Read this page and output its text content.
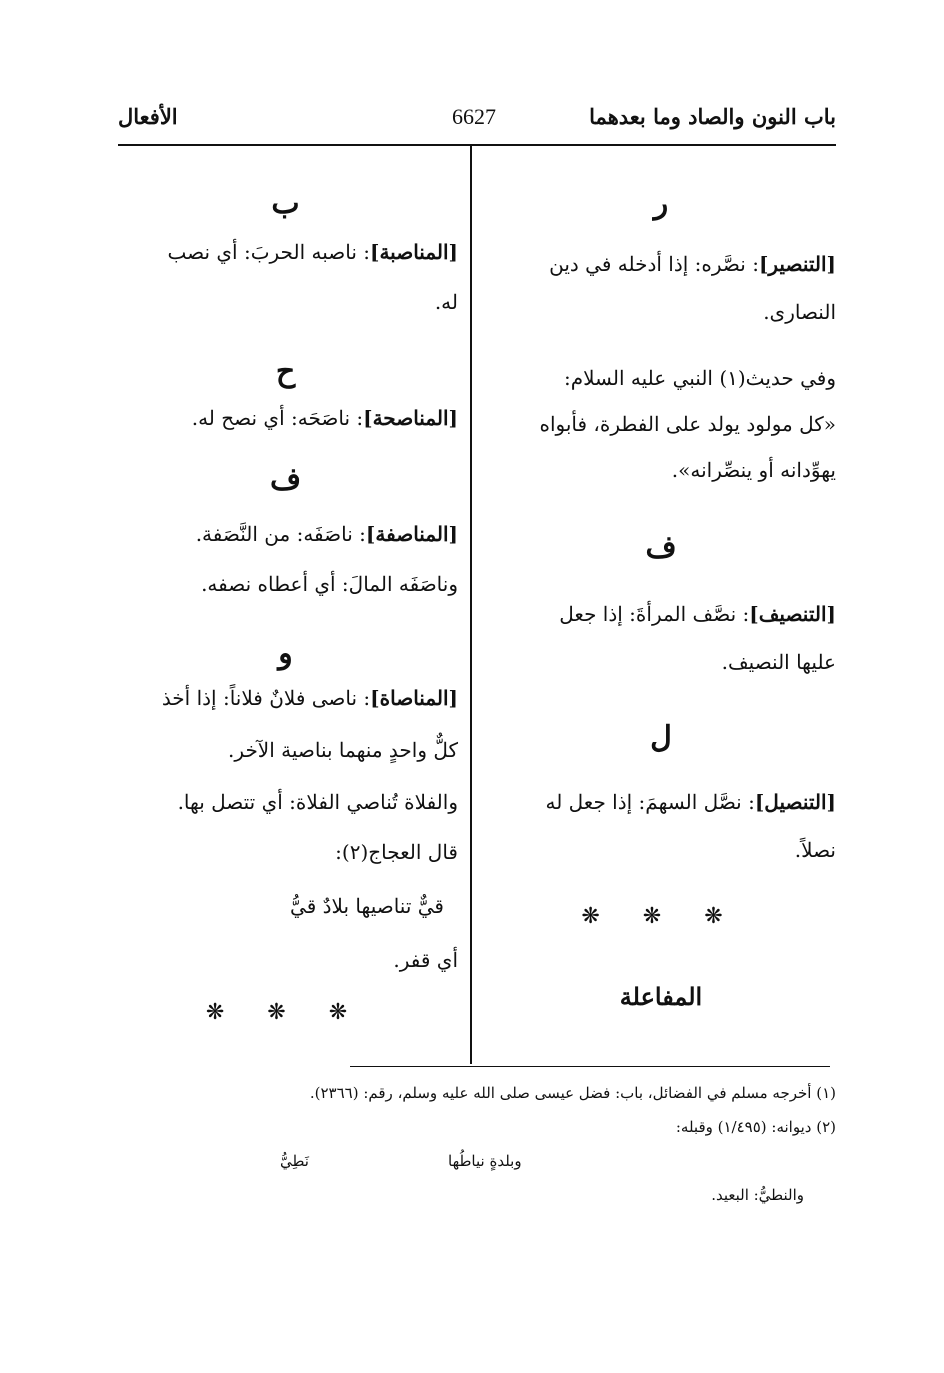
باب النون والصاد وما بعدهما
6627
الأفعال
ر
[التنصير]: نصَّره: إذا أدخله في دين
النصارى.
وفي حديث(١) النبي عليه السلام:
«كل مولود يولد على الفطرة، فأبواه
يهوِّدانه أو ينصِّرانه».
ف
[التنصيف]: نصَّف المرأةَ: إذا جعل
عليها النصيف.
ل
[التنصيل]: نصَّل السهمَ: إذا جعل له
نصلاً.
❋ ❋ ❋
المفاعلة
ب
[المناصبة]: ناصبه الحربَ: أي نصب
له.
ح
[المناصحة]: ناصَحَه: أي نصح له.
ف
[المناصفة]: ناصَفَه: من النَّصَفة.
وناصَفَه المالَ: أي أعطاه نصفه.
و
[المناصاة]: ناصى فلانٌ فلاناً: إذا أخذ
كلٌّ واحدٍ منهما بناصية الآخر.
والفلاة تُناصي الفلاة: أي تتصل بها.
قال العجاج(٢):
قيٌّ تناصيها بلادٌ قيُّ
أي قفر.
❋ ❋ ❋
(١) أخرجه مسلم في الفضائل، باب: فضل عيسى صلى الله عليه وسلم، رقم: (٢٣٦٦).
(٢) ديوانه: (١/٤٩٥) وقبله:
وبلدةٍ نياطُها
نَطِيُّ
والنطيُّ: البعيد.
